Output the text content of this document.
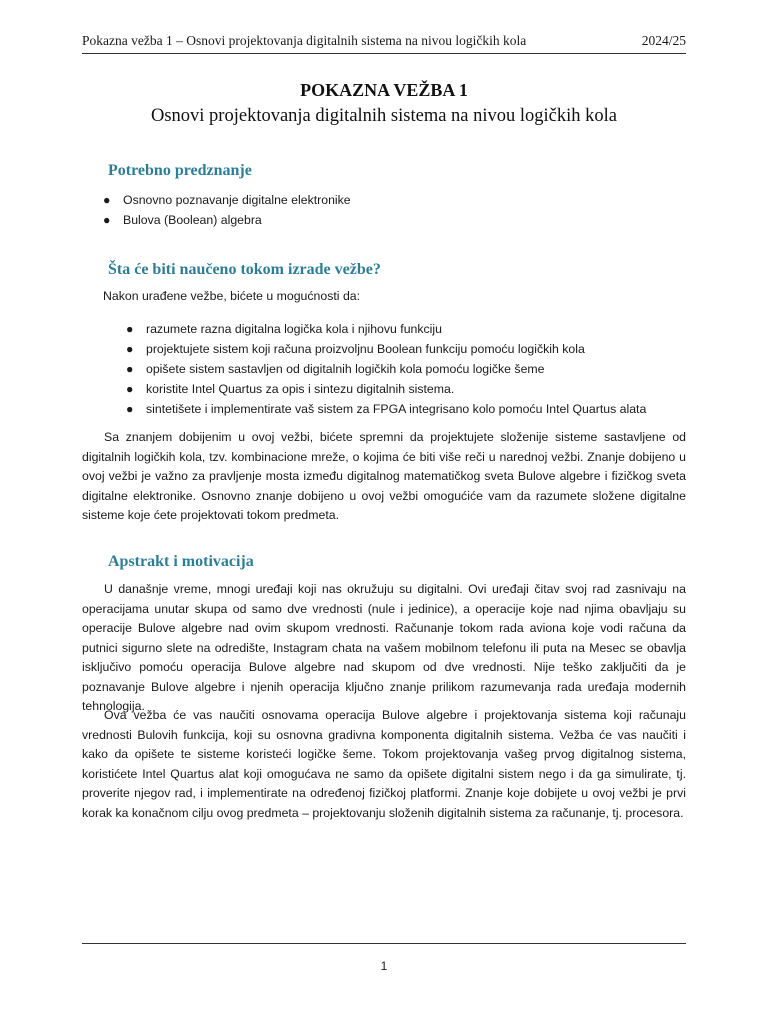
Pokazna vežba 1 – Osnovi projektovanja digitalnih sistema na nivou logičkih kola	2024/25
POKAZNA VEŽBA 1
Osnovi projektovanja digitalnih sistema na nivou logičkih kola
Potrebno predznanje
● Osnovno poznavanje digitalne elektronike
● Bulova (Boolean) algebra
Šta će biti naučeno tokom izrade vežbe?
Nakon urađene vežbe, bićete u mogućnosti da:
● razumete razna digitalna logička kola i njihovu funkciju
● projektujete sistem koji računa proizvoljnu Boolean funkciju pomoću logičkih kola
● opišete sistem sastavljen od digitalnih logičkih kola pomoću logičke šeme
● koristite Intel Quartus za opis i sintezu digitalnih sistema.
● sintetišete i implementirate vaš sistem za FPGA integrisano kolo pomoću Intel Quartus alata

Sa znanjem dobijenim u ovoj vežbi, bićete spremni da projektujete složenije sisteme sastavljene od digitalnih logičkih kola, tzv. kombinacione mreže, o kojima će biti više reči u narednoj vežbi. Znanje dobijeno u ovoj vežbi je važno za pravljenje mosta između digitalnog matematičkog sveta Bulove algebre i fizičkog sveta digitalne elektronike. Osnovno znanje dobijeno u ovoj vežbi omogućiće vam da razumete složene digitalne sisteme koje ćete projektovati tokom predmeta.

Apstrakt i motivacija

U današnje vreme, mnogi uređaji koji nas okružuju su digitalni. Ovi uređaji čitav svoj rad zasnivaju na operacijama unutar skupa od samo dve vrednosti (nule i jedinice), a operacije koje nad njima obavljaju su operacije Bulove algebre nad ovim skupom vrednosti. Računanje tokom rada aviona koje vodi računa da putnici sigurno slete na odredište, Instagram chata na vašem mobilnom telefonu ili puta na Mesec se obavlja isključivo pomoću operacija Bulove algebre nad skupom od dve vrednosti. Nije teško zaključiti da je poznavanje Bulove algebre i njenih operacija ključno znanje prilikom razumevanja rada uređaja modernih tehnologija.

Ova vežba će vas naučiti osnovama operacija Bulove algebre i projektovanja sistema koji računaju vrednosti Bulovih funkcija, koji su osnovna gradivna komponenta digitalnih sistema. Vežba će vas naučiti i kako da opišete te sisteme koristeći logičke šeme. Tokom projektovanja vašeg prvog digitalnog sistema, koristićete Intel Quartus alat koji omogućava ne samo da opišete digitalni sistem nego i da ga simulirate, tj. proverite njegov rad, i implementirate na određenoj fizičkoj platformi. Znanje koje dobijete u ovoj vežbi je prvi korak ka konačnom cilju ovog predmeta – projektovanju složenih digitalnih sistema za računanje, tj. procesora.

1
